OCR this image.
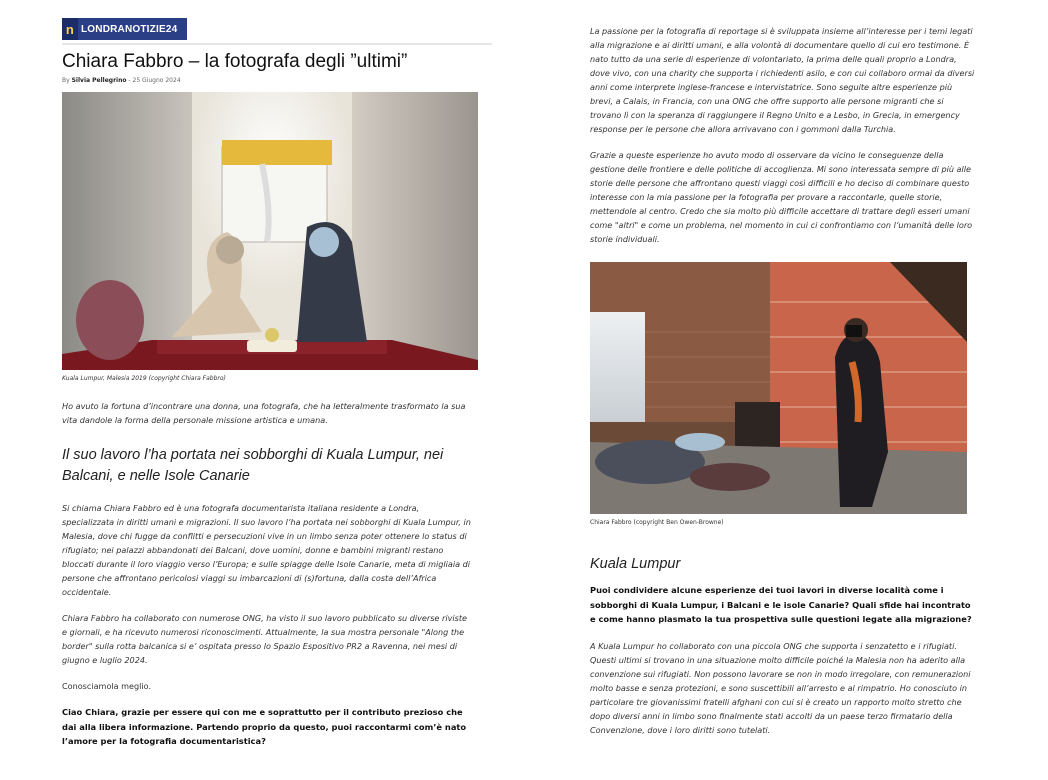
n LONDRANOTIZIE24
Chiara Fabbro – la fotografa degli ”ultimi”
By Silvia Pellegrino - 25 Giugno 2024
Kuala Lumpur, Malesia 2019 (copyright Chiara Fabbro)

Ho avuto la fortuna d’incontrare una donna, una fotografa, che ha letteralmente trasformato la sua vita dandole la forma della personale missione artistica e umana.

Il suo lavoro l’ha portata nei sobborghi di Kuala Lumpur, nei Balcani, e nelle Isole Canarie

Si chiama Chiara Fabbro ed è una fotografa documentarista italiana residente a Londra, specializzata in diritti umani e migrazioni. Il suo lavoro l’ha portata nei sobborghi di Kuala Lumpur, in Malesia, dove chi fugge da conflitti e persecuzioni vive in un limbo senza poter ottenere lo status di rifugiato; nei palazzi abbandonati dei Balcani, dove uomini, donne e bambini migranti restano bloccati durante il loro viaggio verso l’Europa; e sulle spiagge delle Isole Canarie, meta di migliaia di persone che affrontano pericolosi viaggi su imbarcazioni di (s)fortuna, dalla costa dell’Africa occidentale.

Chiara Fabbro ha collaborato con numerose ONG, ha visto il suo lavoro pubblicato su diverse riviste e giornali, e ha ricevuto numerosi riconoscimenti. Attualmente, la sua mostra personale "Along the border" sulla rotta balcanica si e’ ospitata presso lo Spazio Espositivo PR2 a Ravenna, nei mesi di giugno e luglio 2024.

Conosciamola meglio.

Ciao Chiara, grazie per essere qui con me e soprattutto per il contributo prezioso che dai alla libera informazione. Partendo proprio da questo, puoi raccontarmi com’è nato l’amore per la fotografia documentaristica?

La passione per la fotografia di reportage si è sviluppata insieme all’interesse per i temi legati alla migrazione e ai diritti umani, e alla volontà di documentare quello di cui ero testimone. È nato tutto da una serie di esperienze di volontariato, la prima delle quali proprio a Londra, dove vivo, con una charity che supporta i richiedenti asilo, e con cui collaboro ormai da diversi anni come interprete inglese-francese e intervistatrice. Sono seguite altre esperienze più brevi, a Calais, in Francia, con una ONG che offre supporto alle persone migranti che si trovano lì con la speranza di raggiungere il Regno Unito e a Lesbo, in Grecia, in emergency response per le persone che allora arrivavano con i gommoni dalla Turchia.

Grazie a queste esperienze ho avuto modo di osservare da vicino le conseguenze della gestione delle frontiere e delle politiche di accoglienza. Mi sono interessata sempre di più alle storie delle persone che affrontano questi viaggi così difficili e ho deciso di combinare questo interesse con la mia passione per la fotografia per provare a raccontarle, quelle storie, mettendole al centro. Credo che sia molto più difficile accettare di trattare degli esseri umani come "altri" e come un problema, nel momento in cui ci confrontiamo con l’umanità delle loro storie individuali.

Chiara Fabbro (copyright Ben Owen-Browne)
Kuala Lumpur

Puoi condividere alcune esperienze dei tuoi lavori in diverse località come i sobborghi di Kuala Lumpur, i Balcani e le isole Canarie? Quali sfide hai incontrato e come hanno plasmato la tua prospettiva sulle questioni legate alla migrazione?

A Kuala Lumpur ho collaborato con una piccola ONG che supporta i senzatetto e i rifugiati. Questi ultimi si trovano in una situazione molto difficile poiché la Malesia non ha aderito alla convenzione sui rifugiati. Non possono lavorare se non in modo irregolare, con remunerazioni molto basse e senza protezioni, e sono suscettibili all’arresto e al rimpatrio. Ho conosciuto in particolare tre giovanissimi fratelli afghani con cui si è creato un rapporto molto stretto che dopo diversi anni in limbo sono finalmente stati accolti da un paese terzo firmatario della Convenzione, dove i loro diritti sono tutelati.
